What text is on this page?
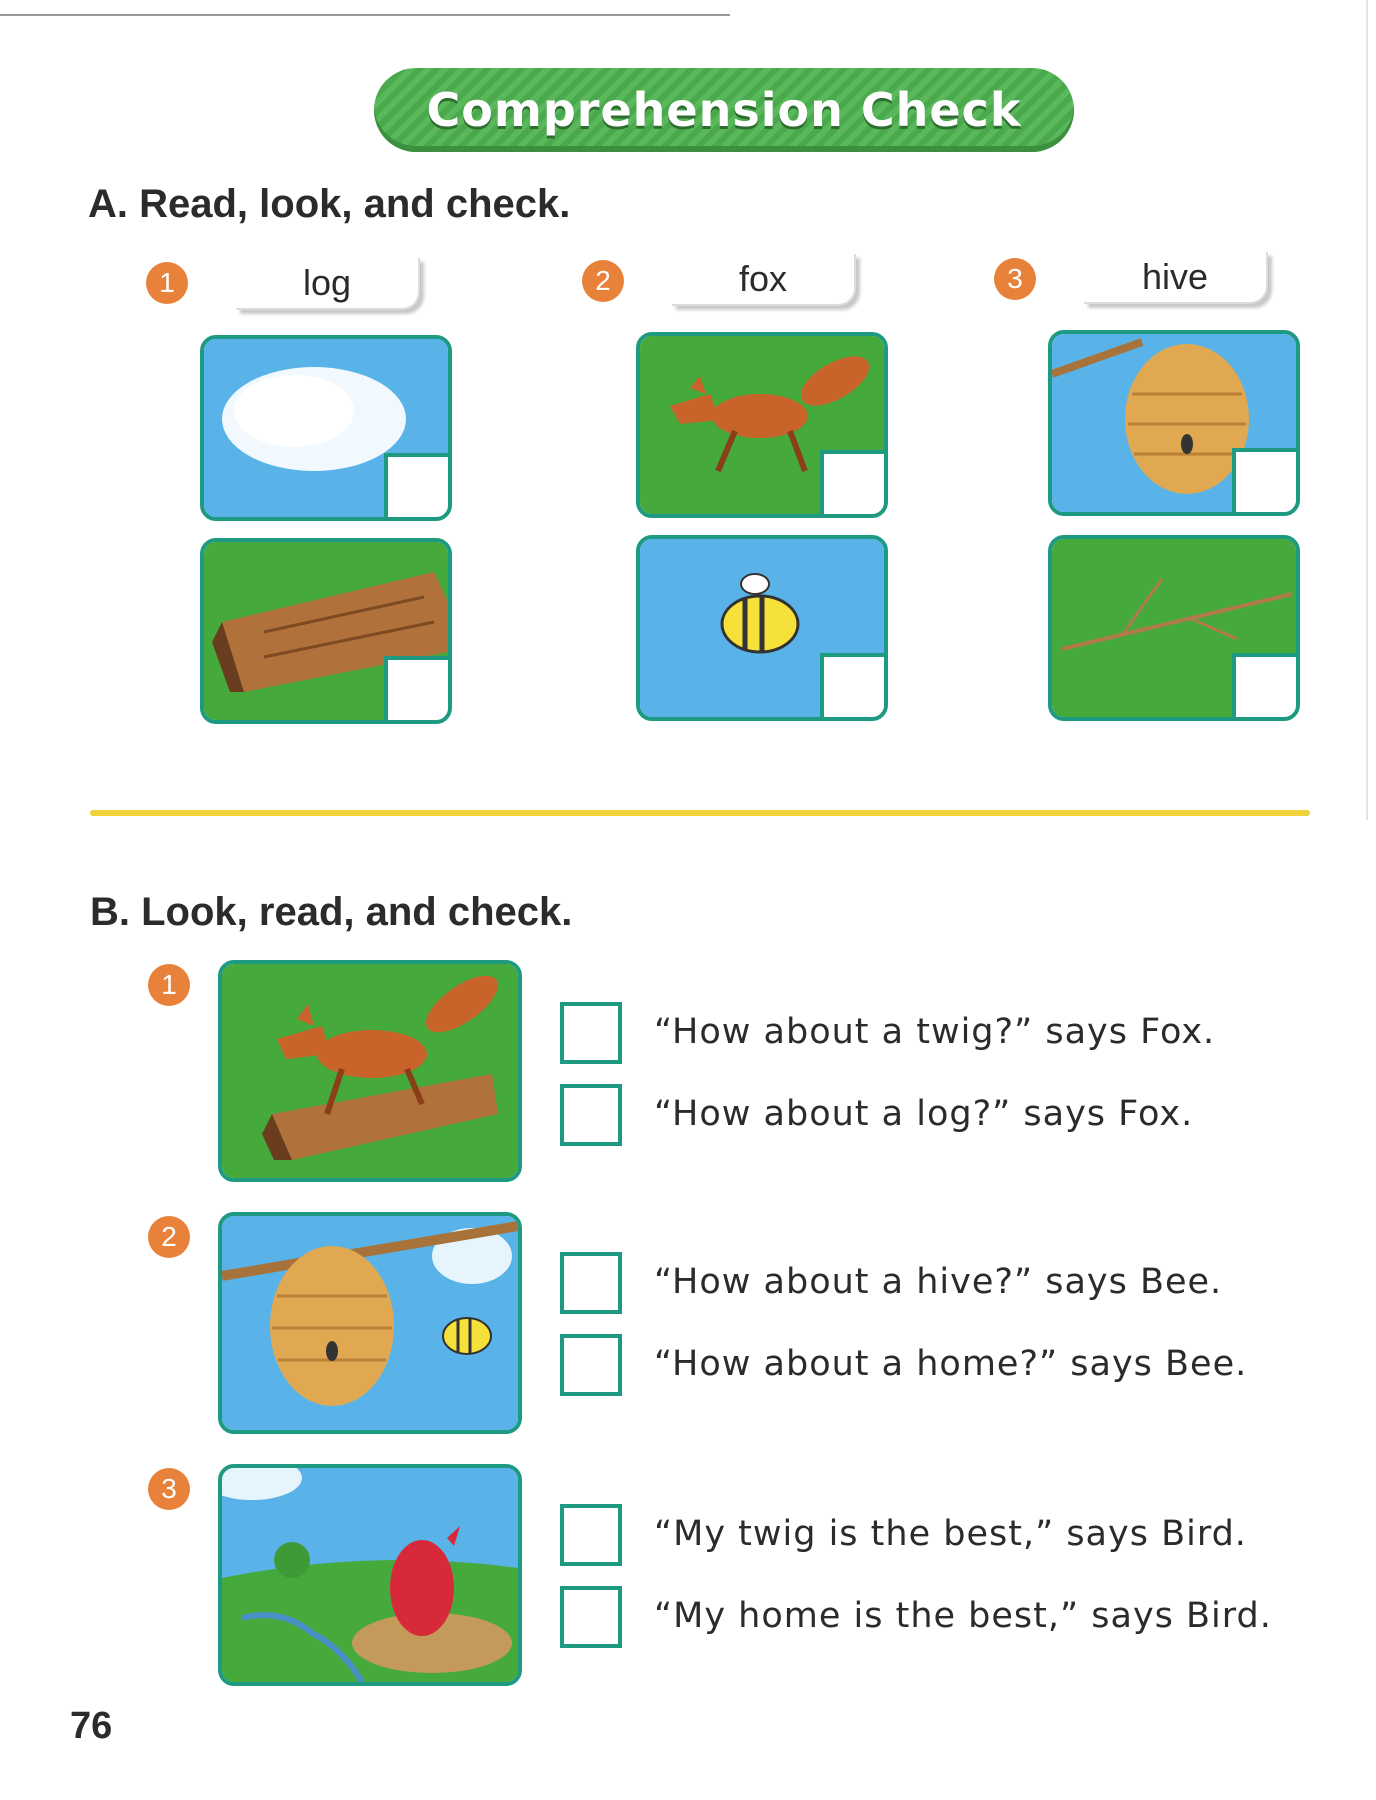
Comprehension Check
A. Read, look, and check.
1	log	2	fox	3	hive
B. Look, read, and check.
1
“How about a twig?” says Fox.
“How about a log?” says Fox.
2
“How about a hive?” says Bee.
“How about a home?” says Bee.
3
“My twig is the best,” says Bird.
“My home is the best,” says Bird.
76
